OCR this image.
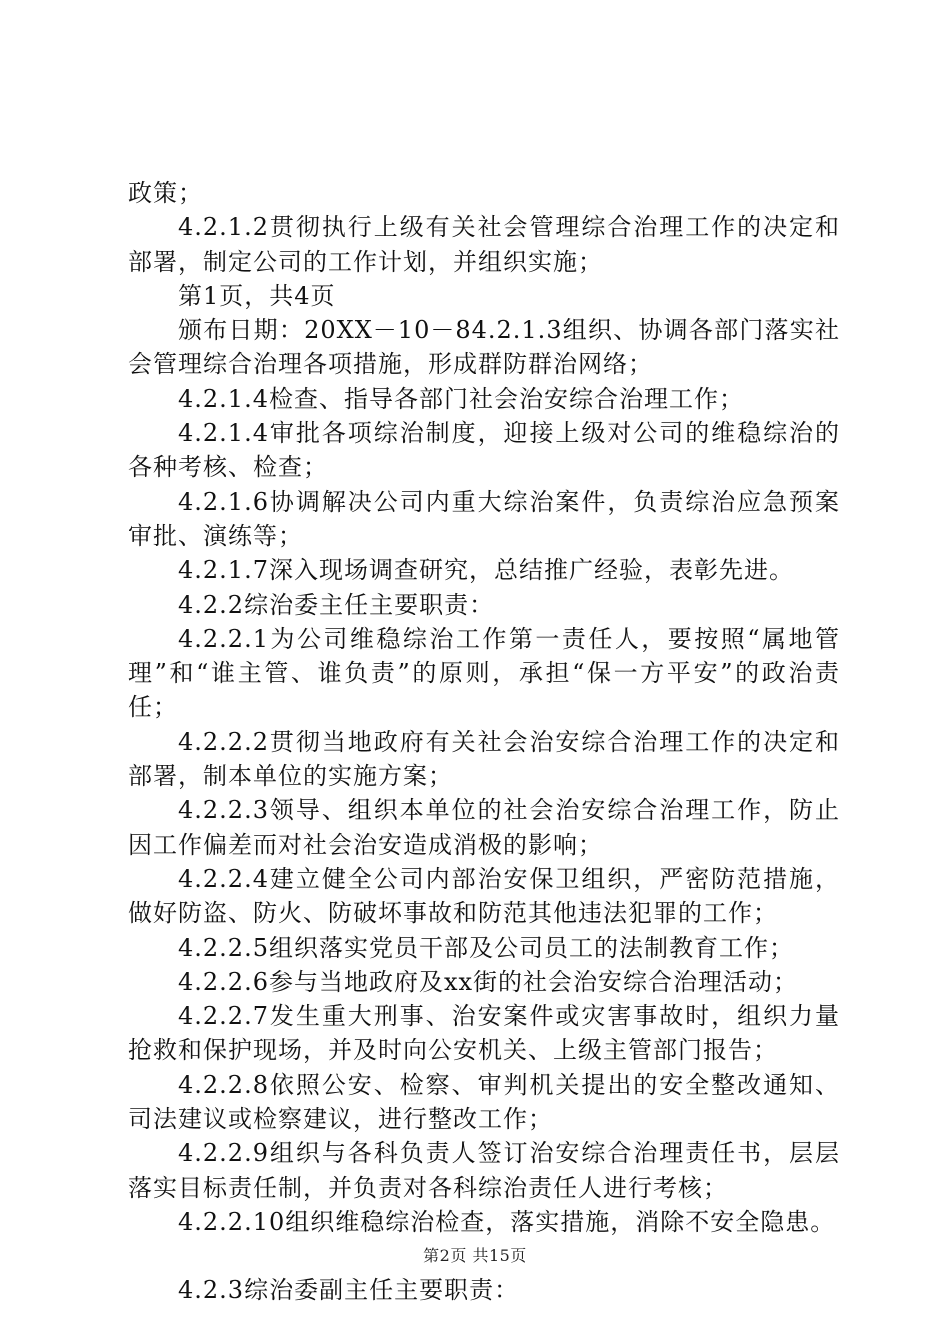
政策；

4.2.1.2贯彻执行上级有关社会管理综合治理工作的决定和部署，制定公司的工作计划，并组织实施；

第1页，共4页

颁布日期：20XX－10－84.2.1.3组织、协调各部门落实社会管理综合治理各项措施，形成群防群治网络；

4.2.1.4检查、指导各部门社会治安综合治理工作；

4.2.1.4审批各项综治制度，迎接上级对公司的维稳综治的各种考核、检查；

4.2.1.6协调解决公司内重大综治案件，负责综治应急预案审批、演练等；

4.2.1.7深入现场调查研究，总结推广经验，表彰先进。

4.2.2综治委主任主要职责：

4.2.2.1为公司维稳综治工作第一责任人，要按照“属地管理”和“谁主管、谁负责”的原则，承担“保一方平安”的政治责任；

4.2.2.2贯彻当地政府有关社会治安综合治理工作的决定和部署，制本单位的实施方案；

4.2.2.3领导、组织本单位的社会治安综合治理工作，防止因工作偏差而对社会治安造成消极的影响；

4.2.2.4建立健全公司内部治安保卫组织，严密防范措施，做好防盗、防火、防破坏事故和防范其他违法犯罪的工作；

4.2.2.5组织落实党员干部及公司员工的法制教育工作；

4.2.2.6参与当地政府及xx街的社会治安综合治理活动；

4.2.2.7发生重大刑事、治安案件或灾害事故时，组织力量抢救和保护现场，并及时向公安机关、上级主管部门报告；

4.2.2.8依照公安、检察、审判机关提出的安全整改通知、司法建议或检察建议，进行整改工作；

4.2.2.9组织与各科负责人签订治安综合治理责任书，层层落实目标责任制，并负责对各科综治责任人进行考核；

4.2.2.10组织维稳综治检查，落实措施，消除不安全隐患。

4.2.3综治委副主任主要职责：

第2页 共15页
